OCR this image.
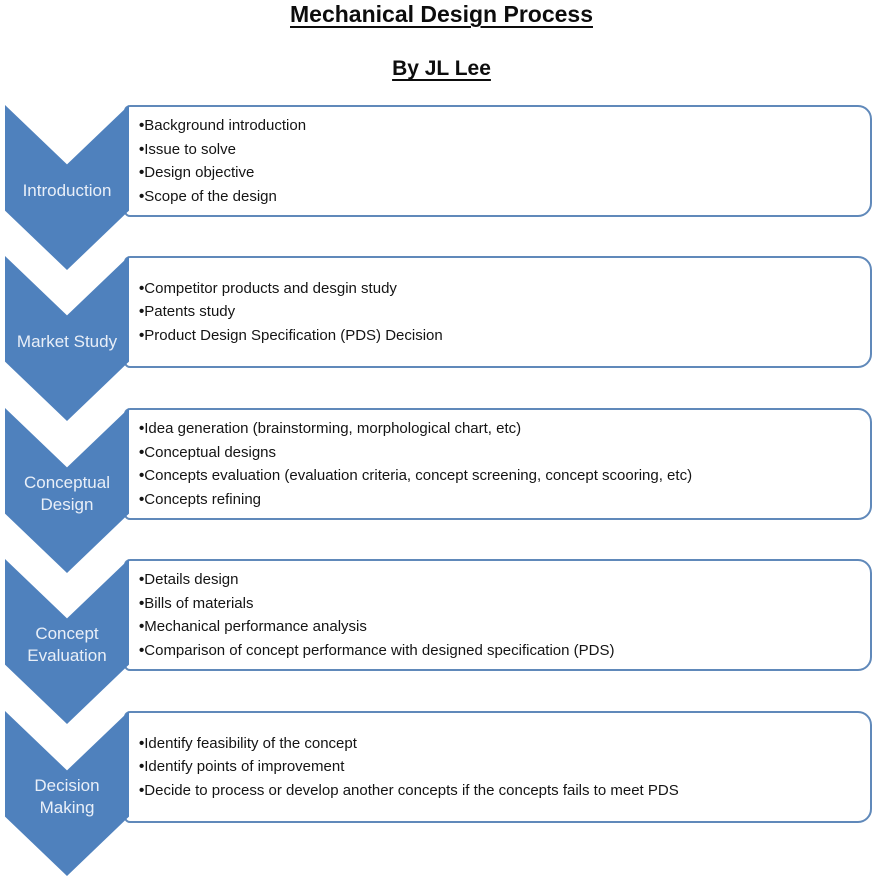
Mechanical Design Process
By JL Lee
• Background introduction
• Issue to solve
• Design objective
• Scope of the design
Introduction
• Competitor products and desgin study
• Patents study
• Product Design Specification (PDS) Decision
Market Study
• Idea generation (brainstorming, morphological chart, etc)
• Conceptual designs
• Concepts evaluation (evaluation criteria, concept screening, concept scooring, etc)
• Concepts refining
Conceptual Design
• Details design
• Bills of materials
• Mechanical performance analysis
• Comparison of concept performance with designed specification (PDS)
Concept Evaluation
• Identify feasibility of the concept
• Identify points of improvement
• Decide to process or develop another concepts if the concepts fails to meet PDS
Decision Making
